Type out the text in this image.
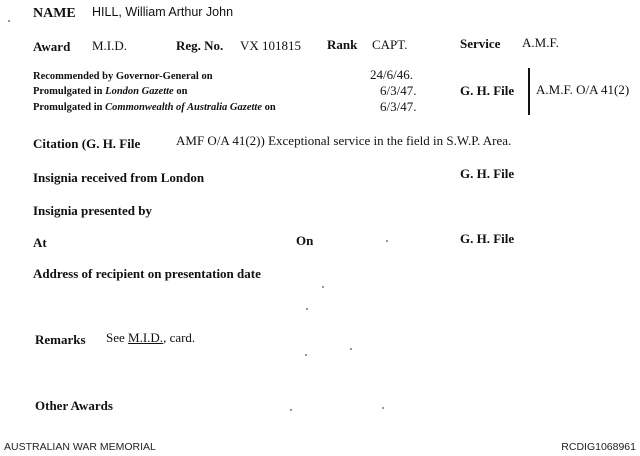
NAME HILL, William Arthur John
Award M.I.D.	Reg. No. VX 101815 Rank CAPT.	Service A.M.F.
Recommended by Governor-General on	24/6/46.
Promulgated in London Gazette on	6/3/47.
Promulgated in Commonwealth of Australia Gazette on	6/3/47.
G. H. File A.M.F. O/A 41(2)
Citation (G. H. File	AMF O/A 41(2)) Exceptional service in the field in S.W.P. Area.
Insignia received from London	G. H. File
Insignia presented by
At	On	G. H. File
Address of recipient on presentation date
Remarks See M.I.D., card.
Other Awards
AUSTRALIAN WAR MEMORIAL	RCDIG1068961
